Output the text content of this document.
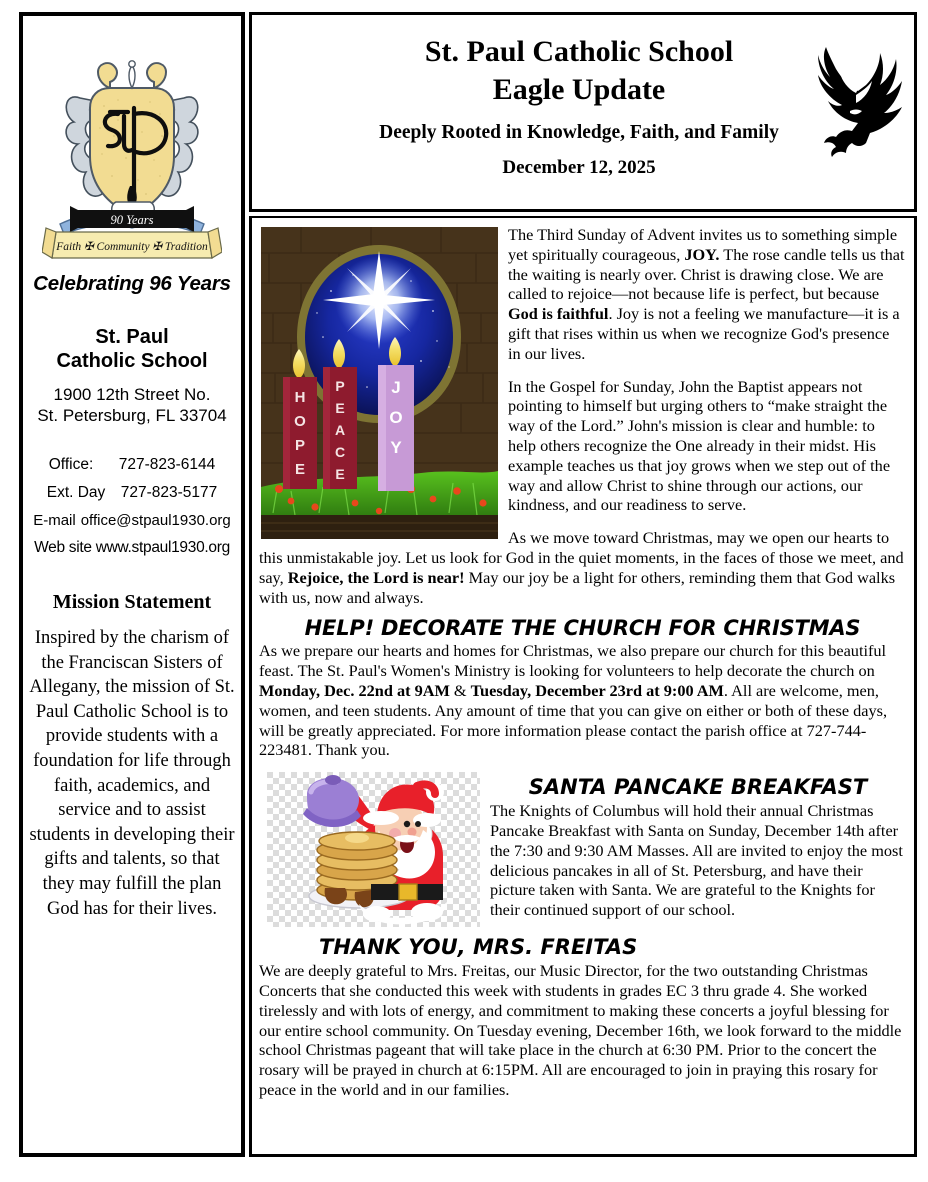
90 Years
Faith ✠ Community ✠ Tradition
Celebrating 96 Years
St. Paul
Catholic School
1900 12th Street No.
St. Petersburg, FL 33704
Office: 727-823-6144
Ext. Day 727-823-5177
E-mail office@stpaul1930.org
Web site www.stpaul1930.org
Mission Statement
Inspired by the charism of the Franciscan Sisters of Allegany, the mission of St. Paul Catholic School is to provide students with a foundation for life through faith, academics, and service and to assist students in developing their gifts and talents, so that they may fulfill the plan God has for their lives.
St. Paul Catholic School
Eagle Update
Deeply Rooted in Knowledge, Faith, and Family
December 12, 2025
H
O
P
E
P
E
A
C
E
J
O
Y

The Third Sunday of Advent invites us to something simple yet spiritually courageous, JOY. The rose candle tells us that the waiting is nearly over. Christ is drawing close. We are called to rejoice—not because life is perfect, but because God is faithful. Joy is not a feeling we manufacture—it is a gift that rises within us when we recognize God's presence in our lives.

In the Gospel for Sunday, John the Baptist appears not pointing to himself but urging others to “make straight the way of the Lord.” John's mission is clear and humble: to help others recognize the One already in their midst. His example teaches us that joy grows when we step out of the way and allow Christ to shine through our actions, our kindness, and our readiness to serve.

As we move toward Christmas, may we open our hearts to this unmistakable joy. Let us look for God in the quiet moments, in the faces of those we meet, and say, Rejoice, the Lord is near! May our joy be a light for others, reminding them that God walks with us, now and always.

HELP! DECORATE THE CHURCH FOR CHRISTMAS

As we prepare our hearts and homes for Christmas, we also prepare our church for this beautiful feast. The St. Paul's Women's Ministry is looking for volunteers to help decorate the church on Monday, Dec. 22nd at 9AM & Tuesday, December 23rd at 9:00 AM. All are welcome, men, women, and teen students. Any amount of time that you can give on either or both of these days, will be greatly appreciated. For more information please contact the parish office at 727-744-223481. Thank you.

SANTA PANCAKE BREAKFAST

The Knights of Columbus will hold their annual Christmas Pancake Breakfast with Santa on Sunday, December 14th after the 7:30 and 9:30 AM Masses. All are invited to enjoy the most delicious pancakes in all of St. Petersburg, and have their picture taken with Santa. We are grateful to the Knights for their continued support of our school.

THANK YOU, MRS. FREITAS

We are deeply grateful to Mrs. Freitas, our Music Director, for the two outstanding Christmas Concerts that she conducted this week with students in grades EC 3 thru grade 4. She worked tirelessly and with lots of energy, and commitment to making these concerts a joyful blessing for our entire school community. On Tuesday evening, December 16th, we look forward to the middle school Christmas pageant that will take place in the church at 6:30 PM. Prior to the concert the rosary will be prayed in church at 6:15PM. All are encouraged to join in praying this rosary for peace in the world and in our families.
